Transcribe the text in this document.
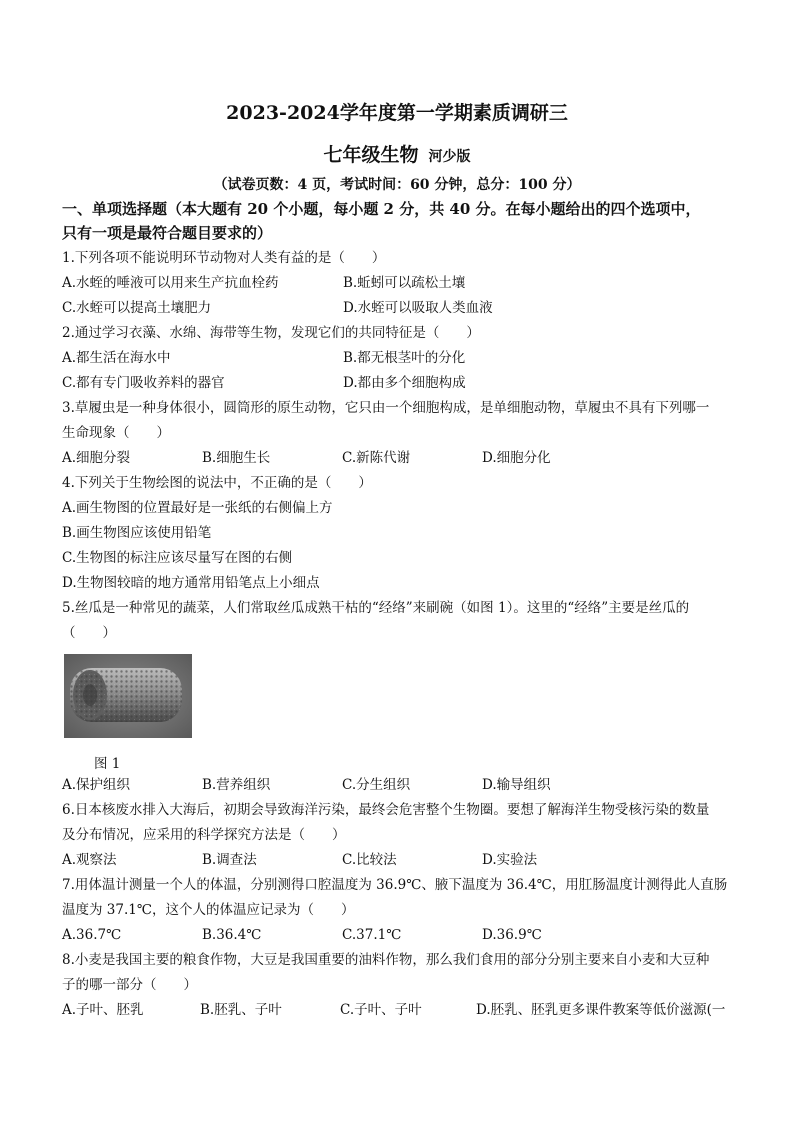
2023-2024学年度第一学期素质调研三
七年级生物 河少版
（试卷页数：4 页，考试时间：60 分钟，总分：100 分）
一、单项选择题（本大题有 20 个小题，每小题 2 分，共 40 分。在每小题给出的四个选项中，
只有一项是最符合题目要求的）
1.下列各项不能说明环节动物对人类有益的是（　　）
A.水蛭的唾液可以用来生产抗血栓药	B.蚯蚓可以疏松土壤
C.水蛭可以提高土壤肥力	D.水蛭可以吸取人类血液
2.通过学习衣藻、水绵、海带等生物，发现它们的共同特征是（　　）
A.都生活在海水中	B.都无根茎叶的分化
C.都有专门吸收养料的器官	D.都由多个细胞构成
3.草履虫是一种身体很小，圆筒形的原生动物，它只由一个细胞构成，是单细胞动物，草履虫不具有下列哪一
生命现象（　　）
A.细胞分裂	B.细胞生长	C.新陈代谢	D.细胞分化
4.下列关于生物绘图的说法中，不正确的是（　　）
A.画生物图的位置最好是一张纸的右侧偏上方
B.画生物图应该使用铅笔
C.生物图的标注应该尽量写在图的右侧
D.生物图较暗的地方通常用铅笔点上小细点
5.丝瓜是一种常见的蔬菜，人们常取丝瓜成熟干枯的“经络”来刷碗（如图 1）。这里的“经络”主要是丝瓜的
（　　）
图 1
A.保护组织	B.营养组织	C.分生组织	D.输导组织
6.日本核废水排入大海后，初期会导致海洋污染，最终会危害整个生物圈。要想了解海洋生物受核污染的数量
及分布情况，应采用的科学探究方法是（　　）
A.观察法	B.调查法	C.比较法	D.实验法
7.用体温计测量一个人的体温，分别测得口腔温度为 36.9℃、腋下温度为 36.4℃，用肛肠温度计测得此人直肠
温度为 37.1℃，这个人的体温应记录为（　　）
A.36.7℃	B.36.4℃	C.37.1℃	D.36.9℃
8.小麦是我国主要的粮食作物，大豆是我国重要的油料作物，那么我们食用的部分分别主要来自小麦和大豆种
子的哪一部分（　　）
A.子叶、胚乳	B.胚乳、子叶	C.子叶、子叶	D.胚乳、胚乳更多课件教案等低价滋源(一
